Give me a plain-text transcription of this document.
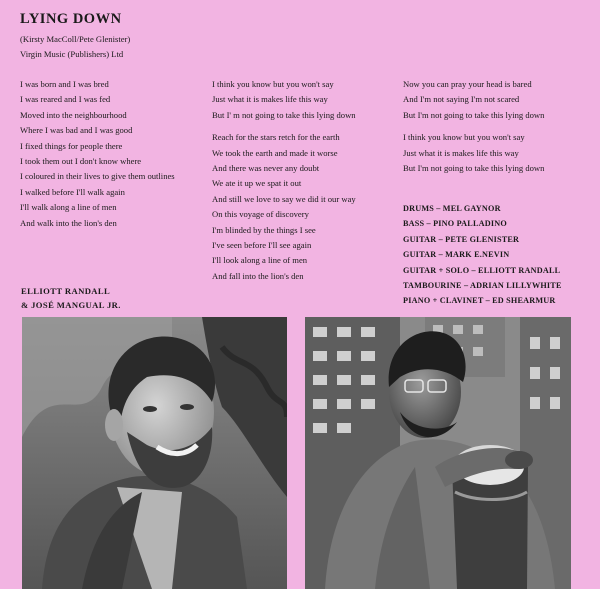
LYING DOWN
(Kirsty MacColl/Pete Glenister)
Virgin Music (Publishers) Ltd
I was born and I was bred
I was reared and I was fed
Moved into the neighbourhood
Where I was bad and I was good
I fixed things for people there
I took them out I don't know where
I coloured in their lives to give them outlines
I walked before I'll walk again
I'll walk along a line of men
And walk into the lion's den
I think you know but you won't say
Just what it is makes life this way
But I' m not going to take this lying down
Reach for the stars retch for the earth
We took the earth and made it worse
And there was never any doubt
We ate it up we spat it out
And still we love to say we did it our way
On this voyage of discovery
I'm blinded by the things I see
I've seen before I'll see again
I'll look along a line of men
And fall into the lion's den
Now you can pray your head is bared
And I'm not saying I'm not scared
But I'm not going to take this lying down
I think you know but you won't say
Just what it is makes life this way
But I'm not going to take this lying down
DRUMS – MEL GAYNOR
BASS – PINO PALLADINO
GUITAR – PETE GLENISTER
GUITAR – MARK E.NEVIN
GUITAR + SOLO – ELLIOTT RANDALL
TAMBOURINE – ADRIAN LILLYWHITE
PIANO + CLAVINET – ED SHEARMUR
ELLIOTT RANDALL
& JOSÉ MANGUAL JR.
